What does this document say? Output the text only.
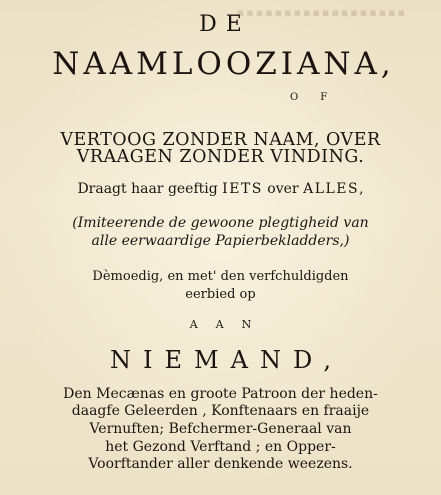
▪▪▪▪▪▪▪▪▪▪▪▪▪▪▪▪▪▪

DE

NAAMLOOZIANA,

OF

VERTOOG ZONDER NAAM, OVER

VRAAGEN ZONDER VINDING.

Draagt haar geeftig IETS over ALLES,

(Imiteerende de gewoone plegtigheid van

alle eerwaardige Papierbekladders,)

Dèmoedig, en met' den verfchuldigden

eerbied op

AAN

NIEMAND,

Den Mecænas en groote Patroon der heden-

daagfe Geleerden , Konftenaars en fraaije

Vernuften; Befchermer-Generaal van

het Gezond Verftand ; en Opper-

Voorftander aller denkende weezens.
